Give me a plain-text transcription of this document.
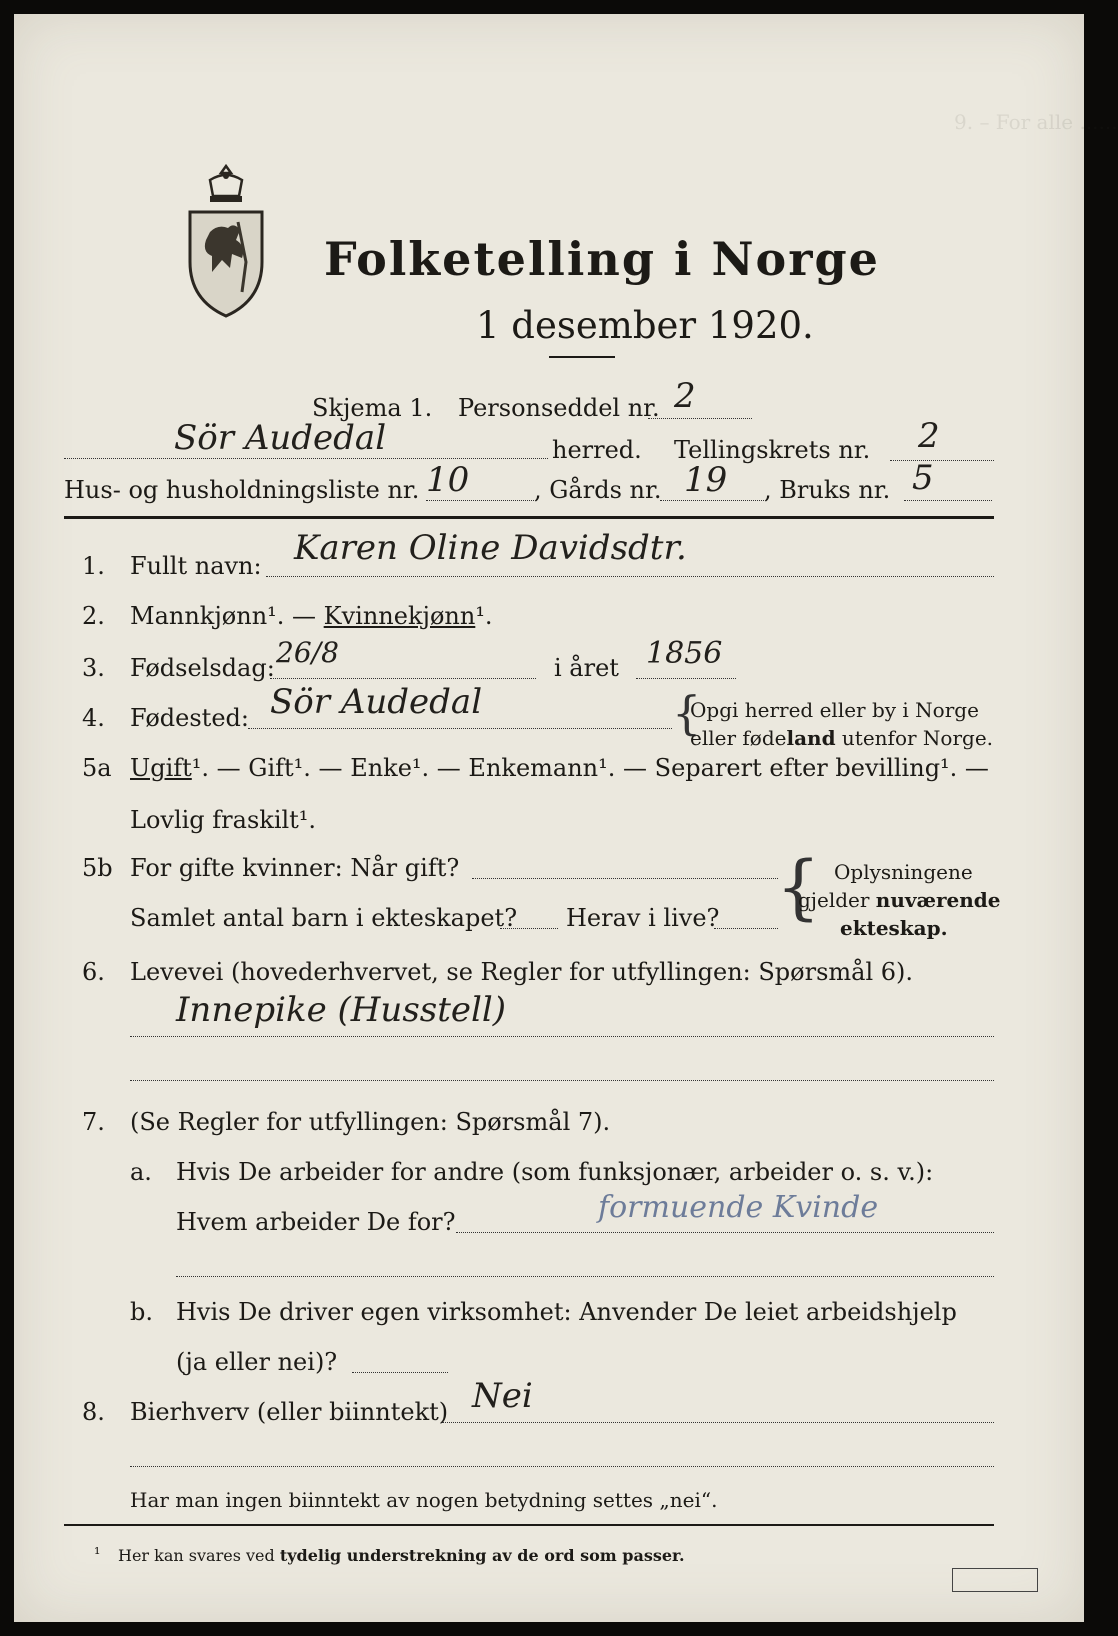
9. – For alle ......
Folketelling i Norge
1 desember 1920.
Skjema 1. Personseddel nr. 2
Sör Audedal	herred. Tellingskrets nr. 2
Hus- og husholdningsliste nr. 10	, Gårds nr. 19 , Bruks nr. 5
1. Fullt navn: Karen Oline Davidsdtr.
2. Mannkjønn¹. — Kvinnekjønn¹.
3. Fødselsdag: 26/8	i året 1856
4. Fødested: Sör Audedal	{
Opgi herred eller by i Norge
eller fødeland utenfor Norge.
5a Ugift¹. — Gift¹. — Enke¹. — Enkemann¹. — Separert efter bevilling¹. —
Lovlig fraskilt¹.
5b For gifte kvinner: Når gift?
Samlet antal barn i ekteskapet? Herav i live? { Oplysningene
gjelder nuværende
ekteskap.
6. Levevei (hovederhvervet, se Regler for utfyllingen: Spørsmål 6).
Innepike (Husstell)
7. (Se Regler for utfyllingen: Spørsmål 7).
a. Hvis De arbeider for andre (som funksjonær, arbeider o. s. v.):
Hvem arbeider De for?	formuende Kvinde
b. Hvis De driver egen virksomhet: Anvender De leiet arbeidshjelp
(ja eller nei)?
8. Bierhverv (eller biinntekt) Nei
Har man ingen biinntekt av nogen betydning settes „nei“.
¹ Her kan svares ved tydelig understrekning av de ord som passer.
